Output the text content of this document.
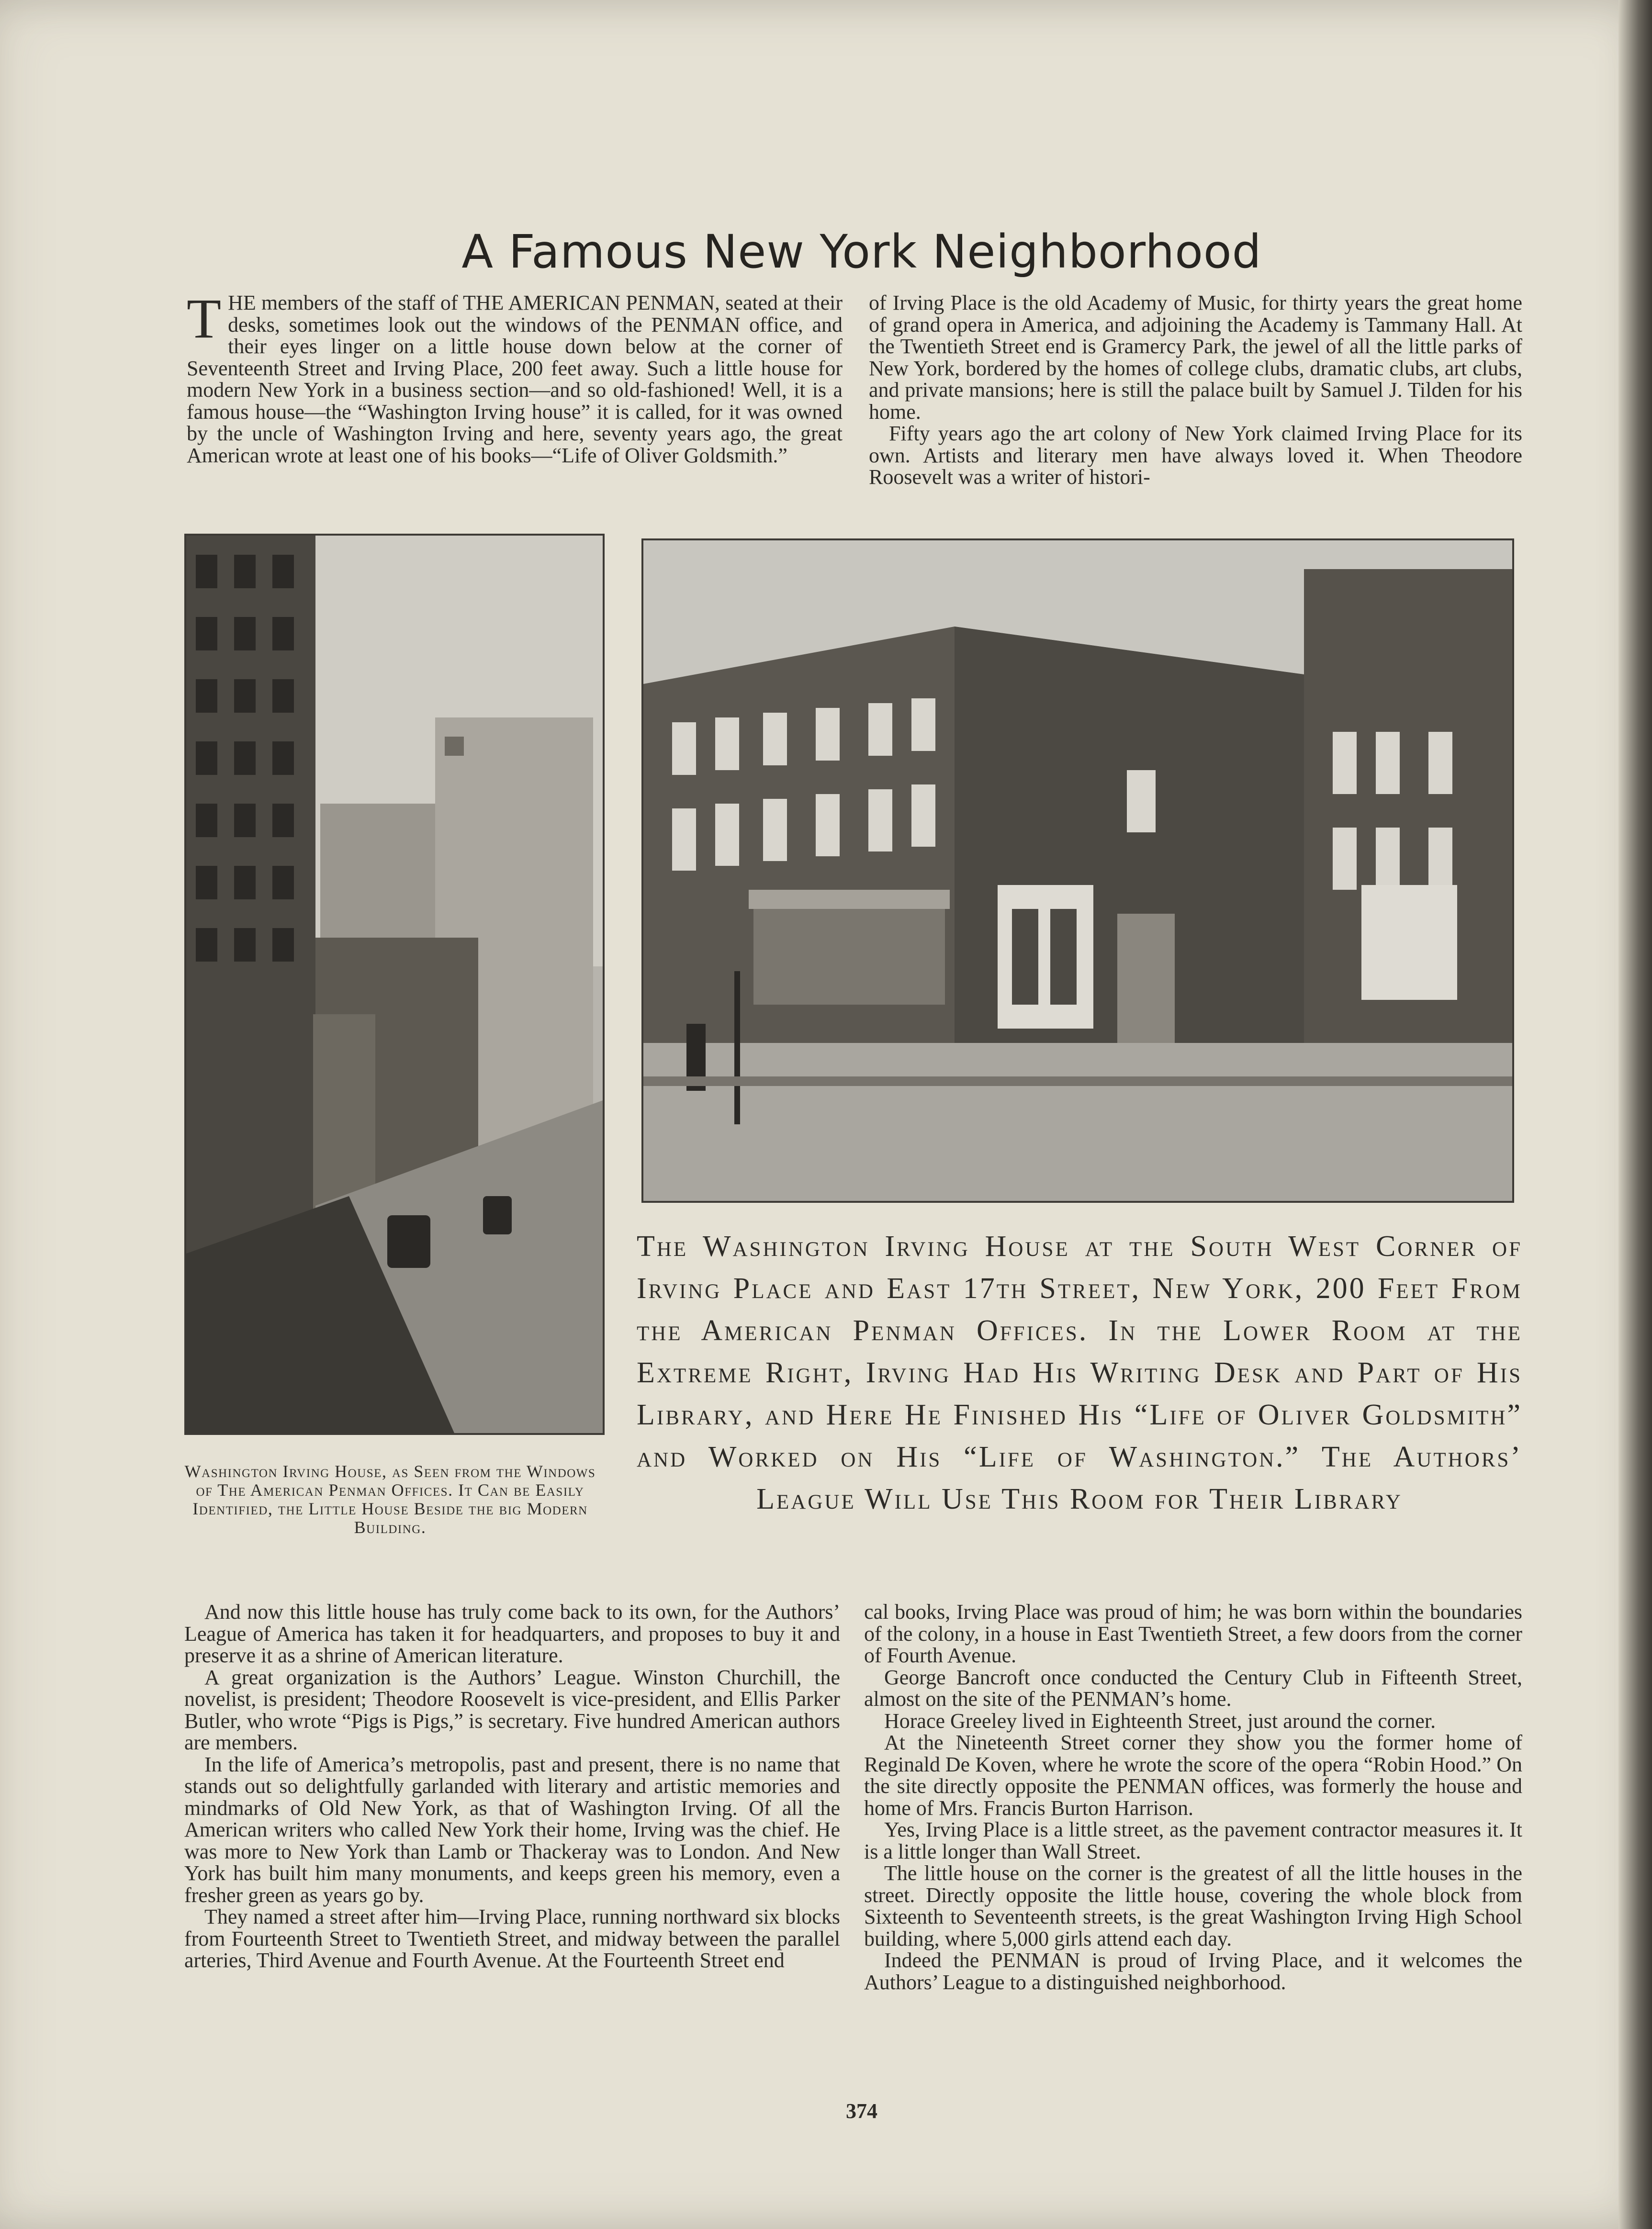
A Famous New York Neighborhood

THE members of the staff of THE AMERICAN PENMAN, seated at their desks, sometimes look out the windows of the PENMAN office, and their eyes linger on a little house down below at the corner of Seventeenth Street and Irving Place, 200 feet away. Such a little house for modern New York in a business section—and so old-fashioned! Well, it is a famous house—the “Washington Irving house” it is called, for it was owned by the uncle of Washington Irving and here, seventy years ago, the great American wrote at least one of his books—“Life of Oliver Goldsmith.”

of Irving Place is the old Academy of Music, for thirty years the great home of grand opera in America, and adjoining the Academy is Tammany Hall. At the Twentieth Street end is Gramercy Park, the jewel of all the little parks of New York, bordered by the homes of college clubs, dramatic clubs, art clubs, and private mansions; here is still the palace built by Samuel J. Tilden for his home.

Fifty years ago the art colony of New York claimed Irving Place for its own. Artists and literary men have always loved it. When Theodore Roosevelt was a writer of histori-

Washington Irving House, as Seen from the Windows of The American Penman Offices. It Can be Easily Identified, the Little House Beside the big Modern Building.
The Washington Irving House at the South West Corner of Irving Place and East 17th Street, New York, 200 Feet From the American Penman Offices. In the Lower Room at the Extreme Right, Irving Had His Writing Desk and Part of His Library, and Here He Finished His “Life of Oliver Goldsmith” and Worked on His “Life of Washington.” The Authors’ League Will Use This Room for Their Library

And now this little house has truly come back to its own, for the Authors’ League of America has taken it for headquarters, and proposes to buy it and preserve it as a shrine of American literature.

A great organization is the Authors’ League. Winston Churchill, the novelist, is president; Theodore Roosevelt is vice-president, and Ellis Parker Butler, who wrote “Pigs is Pigs,” is secretary. Five hundred American authors are members.

In the life of America’s metropolis, past and present, there is no name that stands out so delightfully garlanded with literary and artistic memories and mindmarks of Old New York, as that of Washington Irving. Of all the American writers who called New York their home, Irving was the chief. He was more to New York than Lamb or Thackeray was to London. And New York has built him many monuments, and keeps green his memory, even a fresher green as years go by.

They named a street after him—Irving Place, running northward six blocks from Fourteenth Street to Twentieth Street, and midway between the parallel arteries, Third Avenue and Fourth Avenue. At the Fourteenth Street end

cal books, Irving Place was proud of him; he was born within the boundaries of the colony, in a house in East Twentieth Street, a few doors from the corner of Fourth Avenue.

George Bancroft once conducted the Century Club in Fifteenth Street, almost on the site of the PENMAN’s home.

Horace Greeley lived in Eighteenth Street, just around the corner.

At the Nineteenth Street corner they show you the former home of Reginald De Koven, where he wrote the score of the opera “Robin Hood.” On the site directly opposite the PENMAN offices, was formerly the house and home of Mrs. Francis Burton Harrison.

Yes, Irving Place is a little street, as the pavement contractor measures it. It is a little longer than Wall Street.

The little house on the corner is the greatest of all the little houses in the street. Directly opposite the little house, covering the whole block from Sixteenth to Seventeenth streets, is the great Washington Irving High School building, where 5,000 girls attend each day.

Indeed the PENMAN is proud of Irving Place, and it welcomes the Authors’ League to a distinguished neighborhood.

374
